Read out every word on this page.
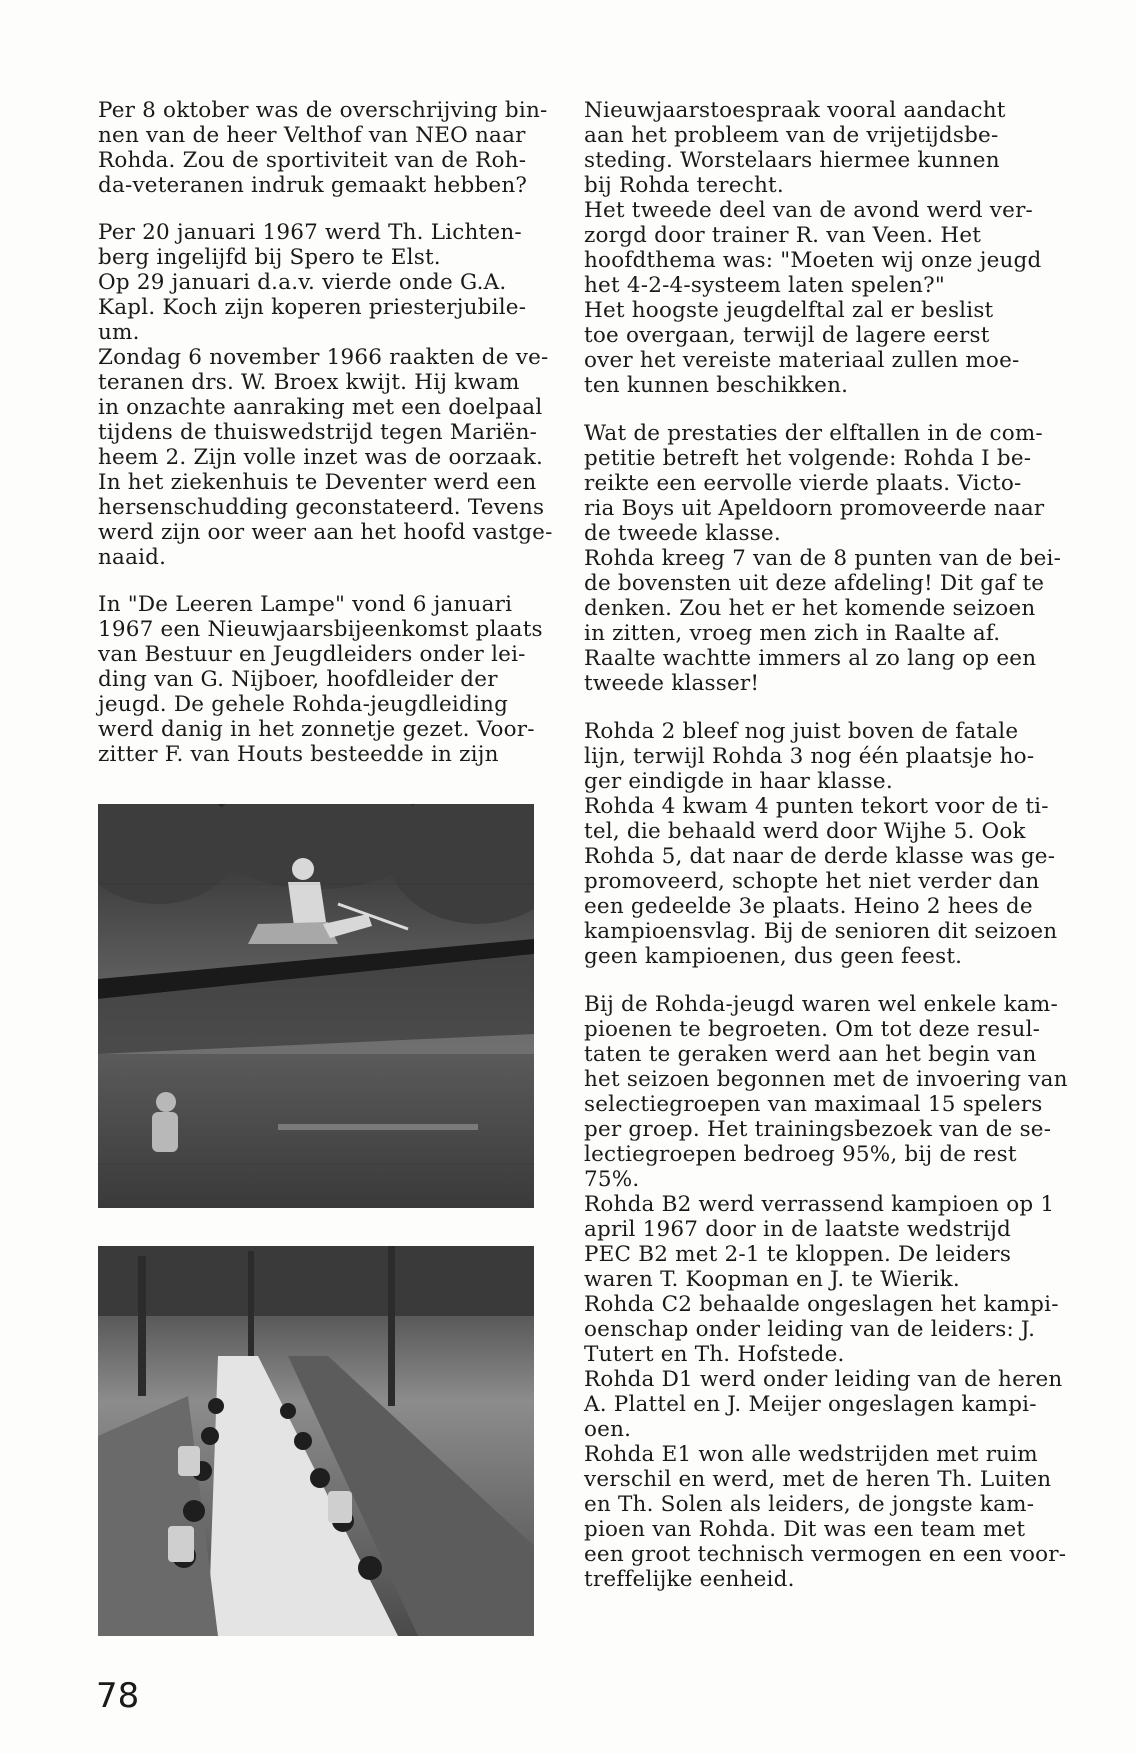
Per 8 oktober was de overschrijving bin-
nen van de heer Velthof van NEO naar
Rohda. Zou de sportiviteit van de Roh-
da-veteranen indruk gemaakt hebben?

Per 20 januari 1967 werd Th. Lichten-
berg ingelijfd bij Spero te Elst.
Op 29 januari d.a.v. vierde onde G.A.
Kapl. Koch zijn koperen priesterjubile-
um.
Zondag 6 november 1966 raakten de ve-
teranen drs. W. Broex kwijt. Hij kwam
in onzachte aanraking met een doelpaal
tijdens de thuiswedstrijd tegen Mariën-
heem 2. Zijn volle inzet was de oorzaak.
In het ziekenhuis te Deventer werd een
hersenschudding geconstateerd. Tevens
werd zijn oor weer aan het hoofd vastge-
naaid.

In "De Leeren Lampe" vond 6 januari
1967 een Nieuwjaarsbijeenkomst plaats
van Bestuur en Jeugdleiders onder lei-
ding van G. Nijboer, hoofdleider der
jeugd. De gehele Rohda-jeugdleiding
werd danig in het zonnetje gezet. Voor-
zitter F. van Houts besteedde in zijn

Nieuwjaarstoespraak vooral aandacht
aan het probleem van de vrijetijdsbe-
steding. Worstelaars hiermee kunnen
bij Rohda terecht.
Het tweede deel van de avond werd ver-
zorgd door trainer R. van Veen. Het
hoofdthema was: "Moeten wij onze jeugd
het 4-2-4-systeem laten spelen?"
Het hoogste jeugdelftal zal er beslist
toe overgaan, terwijl de lagere eerst
over het vereiste materiaal zullen moe-
ten kunnen beschikken.

Wat de prestaties der elftallen in de com-
petitie betreft het volgende: Rohda I be-
reikte een eervolle vierde plaats. Victo-
ria Boys uit Apeldoorn promoveerde naar
de tweede klasse.
Rohda kreeg 7 van de 8 punten van de bei-
de bovensten uit deze afdeling! Dit gaf te
denken. Zou het er het komende seizoen
in zitten, vroeg men zich in Raalte af.
Raalte wachtte immers al zo lang op een
tweede klasser!

Rohda 2 bleef nog juist boven de fatale
lijn, terwijl Rohda 3 nog één plaatsje ho-
ger eindigde in haar klasse.
Rohda 4 kwam 4 punten tekort voor de ti-
tel, die behaald werd door Wijhe 5. Ook
Rohda 5, dat naar de derde klasse was ge-
promoveerd, schopte het niet verder dan
een gedeelde 3e plaats. Heino 2 hees de
kampioensvlag. Bij de senioren dit seizoen
geen kampioenen, dus geen feest.

Bij de Rohda-jeugd waren wel enkele kam-
pioenen te begroeten. Om tot deze resul-
taten te geraken werd aan het begin van
het seizoen begonnen met de invoering van
selectiegroepen van maximaal 15 spelers
per groep. Het trainingsbezoek van de se-
lectiegroepen bedroeg 95%, bij de rest
75%.
Rohda B2 werd verrassend kampioen op 1
april 1967 door in de laatste wedstrijd
PEC B2 met 2-1 te kloppen. De leiders
waren T. Koopman en J. te Wierik.
Rohda C2 behaalde ongeslagen het kampi-
oenschap onder leiding van de leiders: J.
Tutert en Th. Hofstede.
Rohda D1 werd onder leiding van de heren
A. Plattel en J. Meijer ongeslagen kampi-
oen.
Rohda E1 won alle wedstrijden met ruim
verschil en werd, met de heren Th. Luiten
en Th. Solen als leiders, de jongste kam-
pioen van Rohda. Dit was een team met
een groot technisch vermogen en een voor-
treffelijke eenheid.

78
